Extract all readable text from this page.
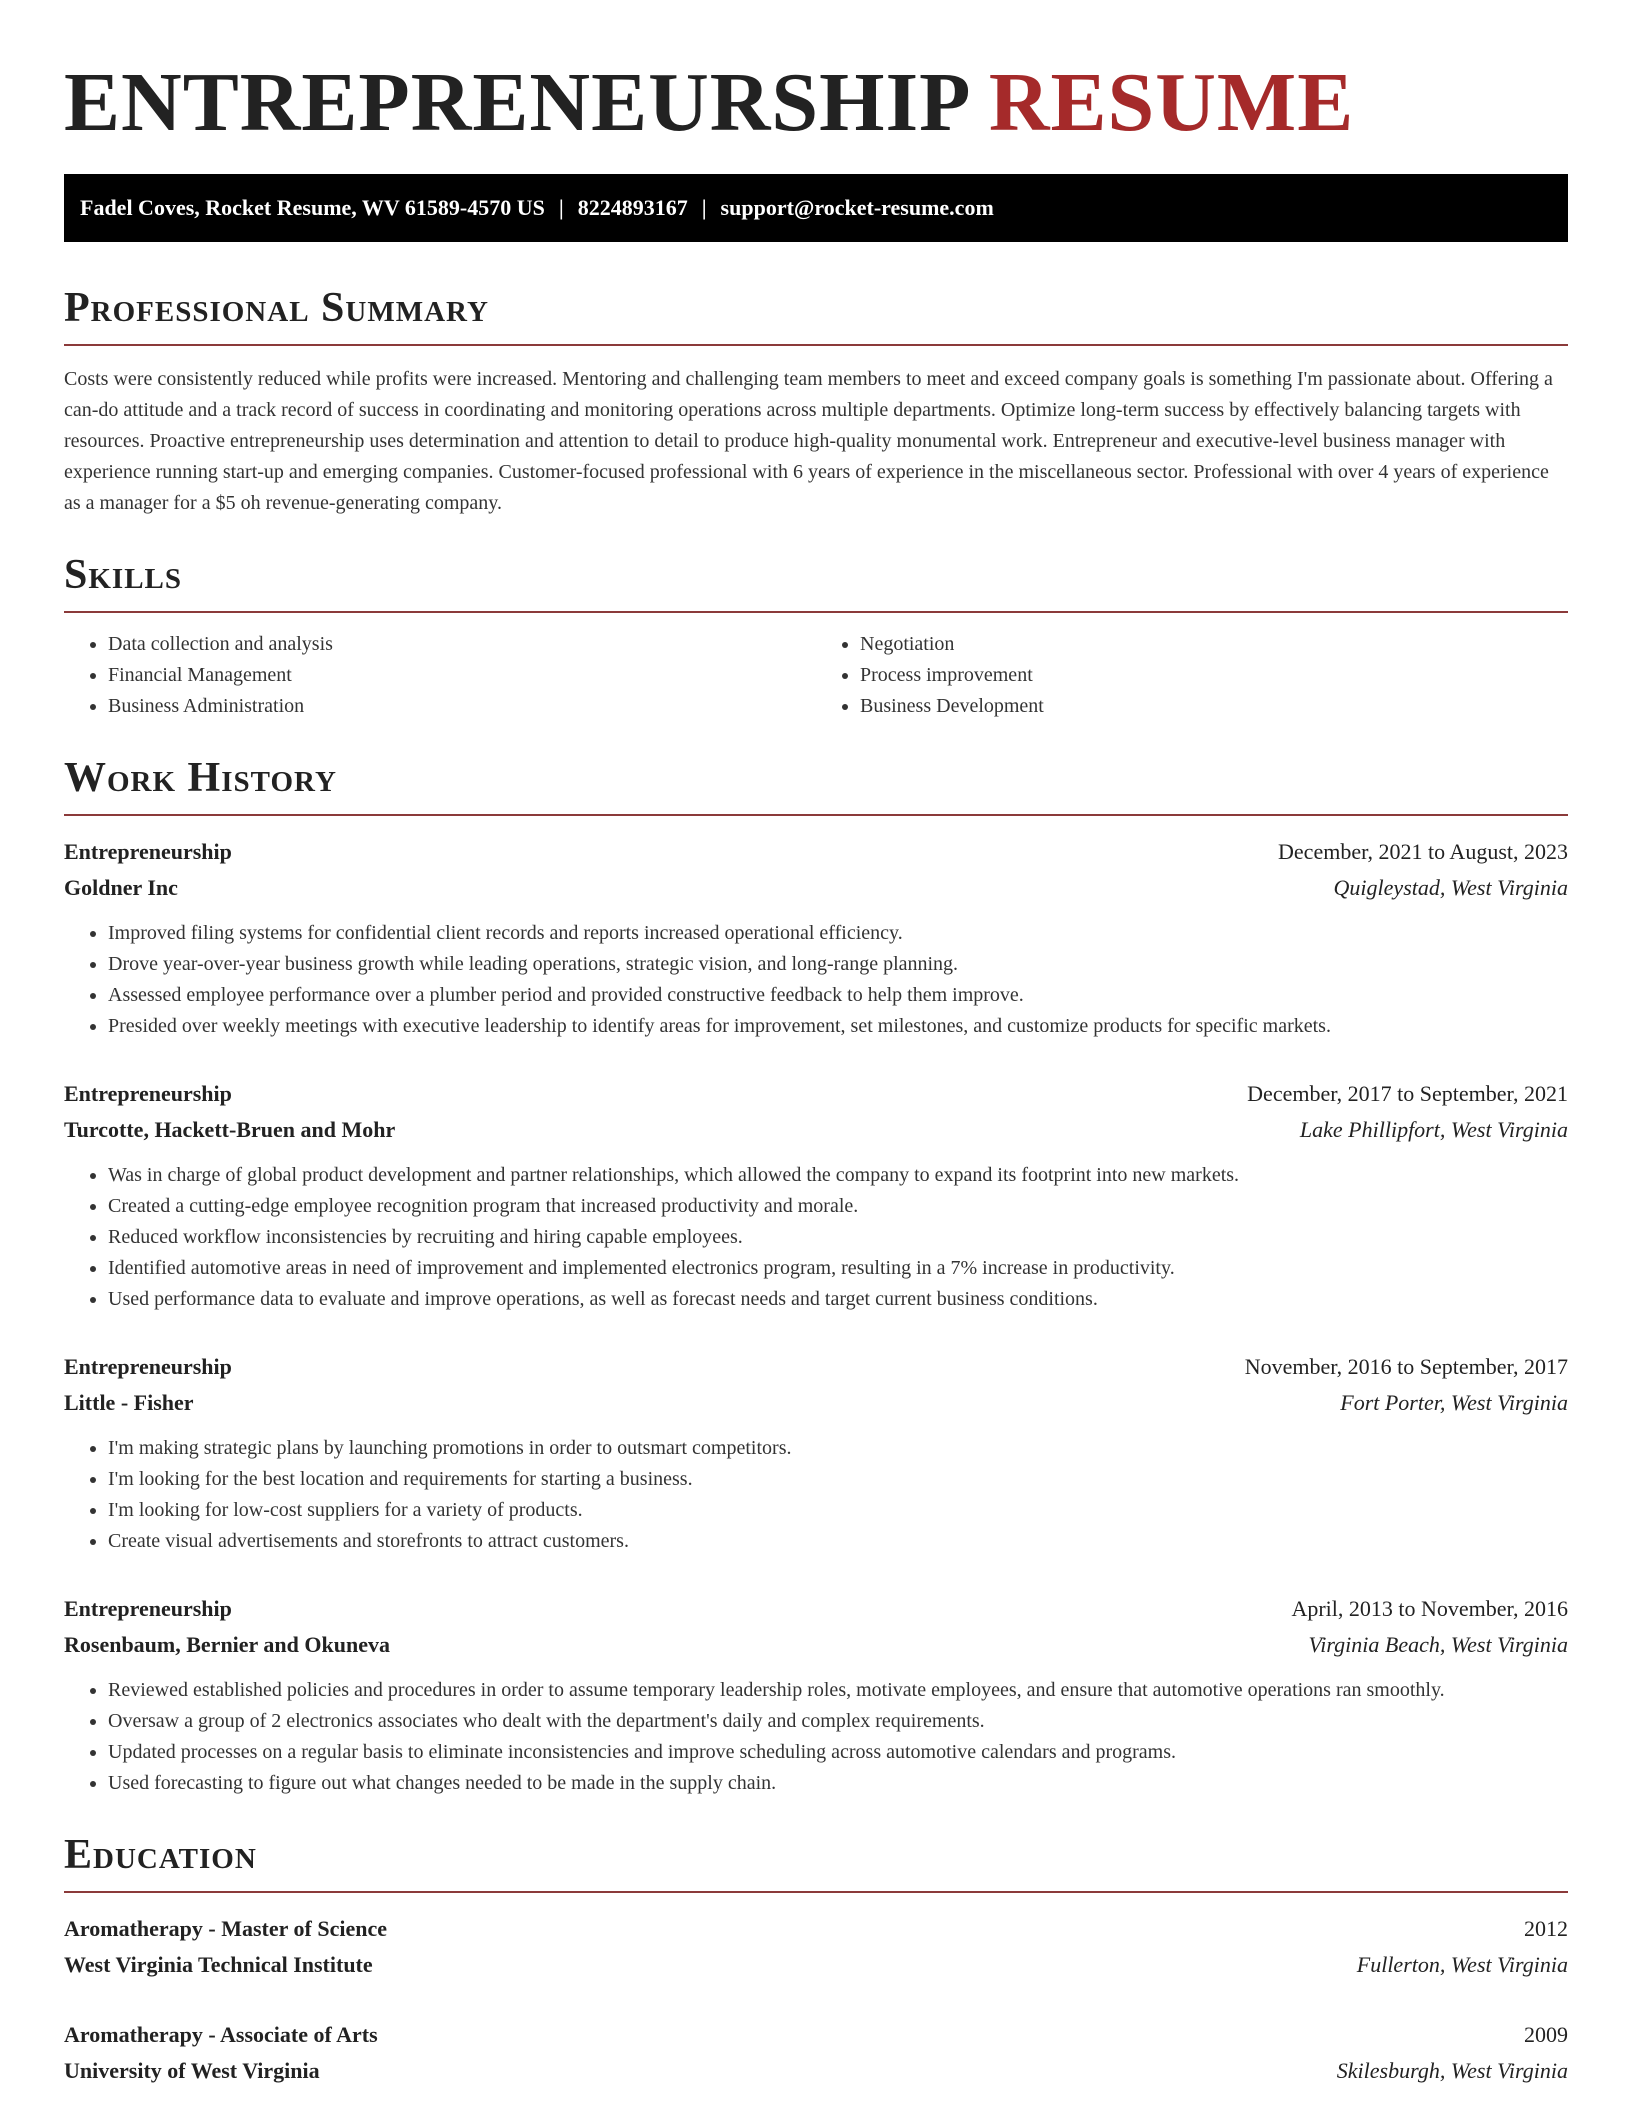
ENTREPRENEURSHIP RESUME
Fadel Coves, Rocket Resume, WV 61589-4570 US | 8224893167 | support@rocket-resume.com
Professional Summary

Costs were consistently reduced while profits were increased. Mentoring and challenging team members to meet and exceed company goals is something I'm passionate about. Offering a can-do attitude and a track record of success in coordinating and monitoring operations across multiple departments. Optimize long-term success by effectively balancing targets with resources. Proactive entrepreneurship uses determination and attention to detail to produce high-quality monumental work. Entrepreneur and executive-level business manager with experience running start-up and emerging companies. Customer-focused professional with 6 years of experience in the miscellaneous sector. Professional with over 4 years of experience as a manager for a $5 oh revenue-generating company.

Skills
• Data collection and analysis
• Financial Management
• Business Administration
• Negotiation
• Process improvement
• Business Development
Work History
Entrepreneurship	December, 2021 to August, 2023
Goldner Inc	Quigleystad, West Virginia
• Improved filing systems for confidential client records and reports increased operational efficiency.
• Drove year-over-year business growth while leading operations, strategic vision, and long-range planning.
• Assessed employee performance over a plumber period and provided constructive feedback to help them improve.
• Presided over weekly meetings with executive leadership to identify areas for improvement, set milestones, and customize products for specific markets.
Entrepreneurship	December, 2017 to September, 2021
Turcotte, Hackett-Bruen and Mohr	Lake Phillipfort, West Virginia
• Was in charge of global product development and partner relationships, which allowed the company to expand its footprint into new markets.
• Created a cutting-edge employee recognition program that increased productivity and morale.
• Reduced workflow inconsistencies by recruiting and hiring capable employees.
• Identified automotive areas in need of improvement and implemented electronics program, resulting in a 7% increase in productivity.
• Used performance data to evaluate and improve operations, as well as forecast needs and target current business conditions.
Entrepreneurship	November, 2016 to September, 2017
Little - Fisher	Fort Porter, West Virginia
• I'm making strategic plans by launching promotions in order to outsmart competitors.
• I'm looking for the best location and requirements for starting a business.
• I'm looking for low-cost suppliers for a variety of products.
• Create visual advertisements and storefronts to attract customers.
Entrepreneurship	April, 2013 to November, 2016
Rosenbaum, Bernier and Okuneva	Virginia Beach, West Virginia
• Reviewed established policies and procedures in order to assume temporary leadership roles, motivate employees, and ensure that automotive operations ran smoothly.
• Oversaw a group of 2 electronics associates who dealt with the department's daily and complex requirements.
• Updated processes on a regular basis to eliminate inconsistencies and improve scheduling across automotive calendars and programs.
• Used forecasting to figure out what changes needed to be made in the supply chain.
Education
Aromatherapy - Master of Science	2012
West Virginia Technical Institute	Fullerton, West Virginia
Aromatherapy - Associate of Arts	2009
University of West Virginia	Skilesburgh, West Virginia
